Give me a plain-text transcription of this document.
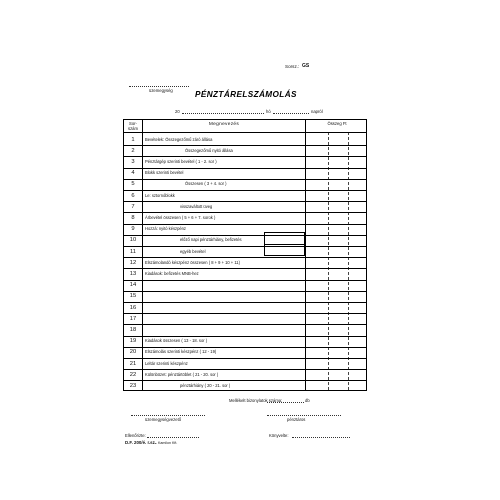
Sorsz.: GS
üzemegység	PÉNZTÁRELSZÁMOLÁS
20	hó	napról
Sor- szám
Megnevezés	Összeg Ft
1	Bevételek: Összegezőmű záró állása
2	Összegezőmű nyitó állása
3	Pénztárgép szerinti bevétel ( 1 - 2. sor )
4	Blokk szerinti bevétel
5	Összesen ( 3 + 4. sor )
6	Le: sztornóblokk
7	visszaváltott üveg
8	Árbevétel összesen ( 5 + 6 + 7. sorok )
9	Hozzá: nyitó készpénz
10	előző napi pénztárhiány, befizetés
11	egyéb bevétel
12	Elszámolandó készpénz összesen ( 8 + 9 + 10 + 11)
13	Kiadások: befizetés MNB-hez
14
15
16
17
18
19	Kiadások összesen ( 13 - 18. sor )
20	Elszámolás szerinti készpénz ( 12 - 19)
21	Leltár szerinti készpénz
22	Különbözet: pénztártöblet ( 21 - 20. sor )
23	pénztárhiány ( 20 - 21. sor )
Mellékelt bizonylatok száma:	db
üzemegységvezető	pénztáros
Ellenőrizte:	Könyvelte:
D.F. 200/é. r.sz. – Kamilon Kft.
